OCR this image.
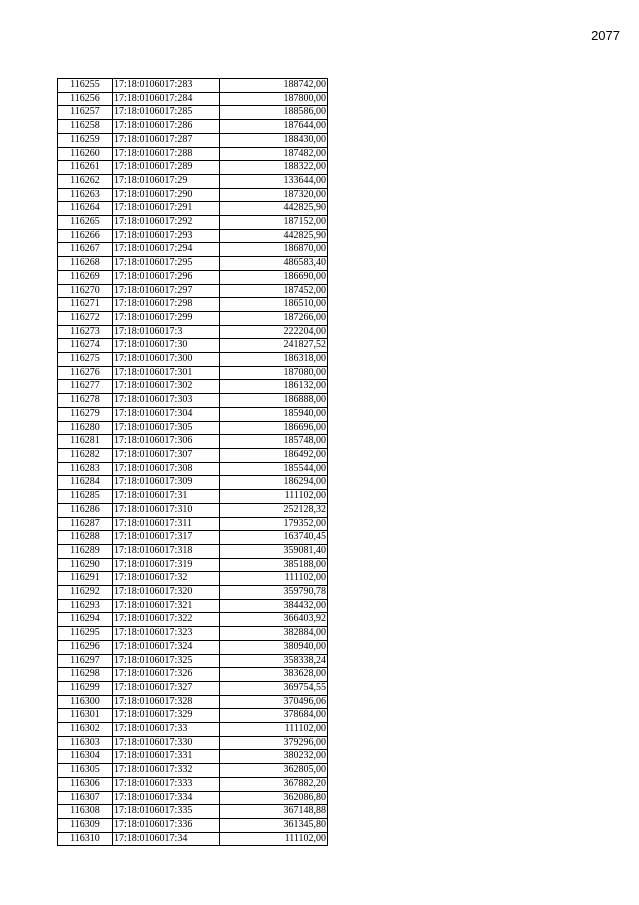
2077
116255	17:18:0106017:283	188742,00
116256	17:18:0106017:284	187800,00
116257	17:18:0106017:285	188586,00
116258	17:18:0106017:286	187644,00
116259	17:18:0106017:287	188430,00
116260	17:18:0106017:288	187482,00
116261	17:18:0106017:289	188322,00
116262	17:18:0106017:29	133644,00
116263	17:18:0106017:290	187320,00
116264	17:18:0106017:291	442825,90
116265	17:18:0106017:292	187152,00
116266	17:18:0106017:293	442825,90
116267	17:18:0106017:294	186870,00
116268	17:18:0106017:295	486583,40
116269	17:18:0106017:296	186690,00
116270	17:18:0106017:297	187452,00
116271	17:18:0106017:298	186510,00
116272	17:18:0106017:299	187266,00
116273	17:18:0106017:3	222204,00
116274	17:18:0106017:30	241827,52
116275	17:18:0106017:300	186318,00
116276	17:18:0106017:301	187080,00
116277	17:18:0106017:302	186132,00
116278	17:18:0106017:303	186888,00
116279	17:18:0106017:304	185940,00
116280	17:18:0106017:305	186696,00
116281	17:18:0106017:306	185748,00
116282	17:18:0106017:307	186492,00
116283	17:18:0106017:308	185544,00
116284	17:18:0106017:309	186294,00
116285	17:18:0106017:31	111102,00
116286	17:18:0106017:310	252128,32
116287	17:18:0106017:311	179352,00
116288	17:18:0106017:317	163740,45
116289	17:18:0106017:318	359081,40
116290	17:18:0106017:319	385188,00
116291	17:18:0106017:32	111102,00
116292	17:18:0106017:320	359790,78
116293	17:18:0106017:321	384432,00
116294	17:18:0106017:322	366403,92
116295	17:18:0106017:323	382884,00
116296	17:18:0106017:324	380940,00
116297	17:18:0106017:325	358338,24
116298	17:18:0106017:326	383628,00
116299	17:18:0106017:327	369754,55
116300	17:18:0106017:328	370496,06
116301	17:18:0106017:329	378684,00
116302	17:18:0106017:33	111102,00
116303	17:18:0106017:330	379296,00
116304	17:18:0106017:331	380232,00
116305	17:18:0106017:332	362805,00
116306	17:18:0106017:333	367882,20
116307	17:18:0106017:334	362086,80
116308	17:18:0106017:335	367148,88
116309	17:18:0106017:336	361345,80
116310	17:18:0106017:34	111102,00
